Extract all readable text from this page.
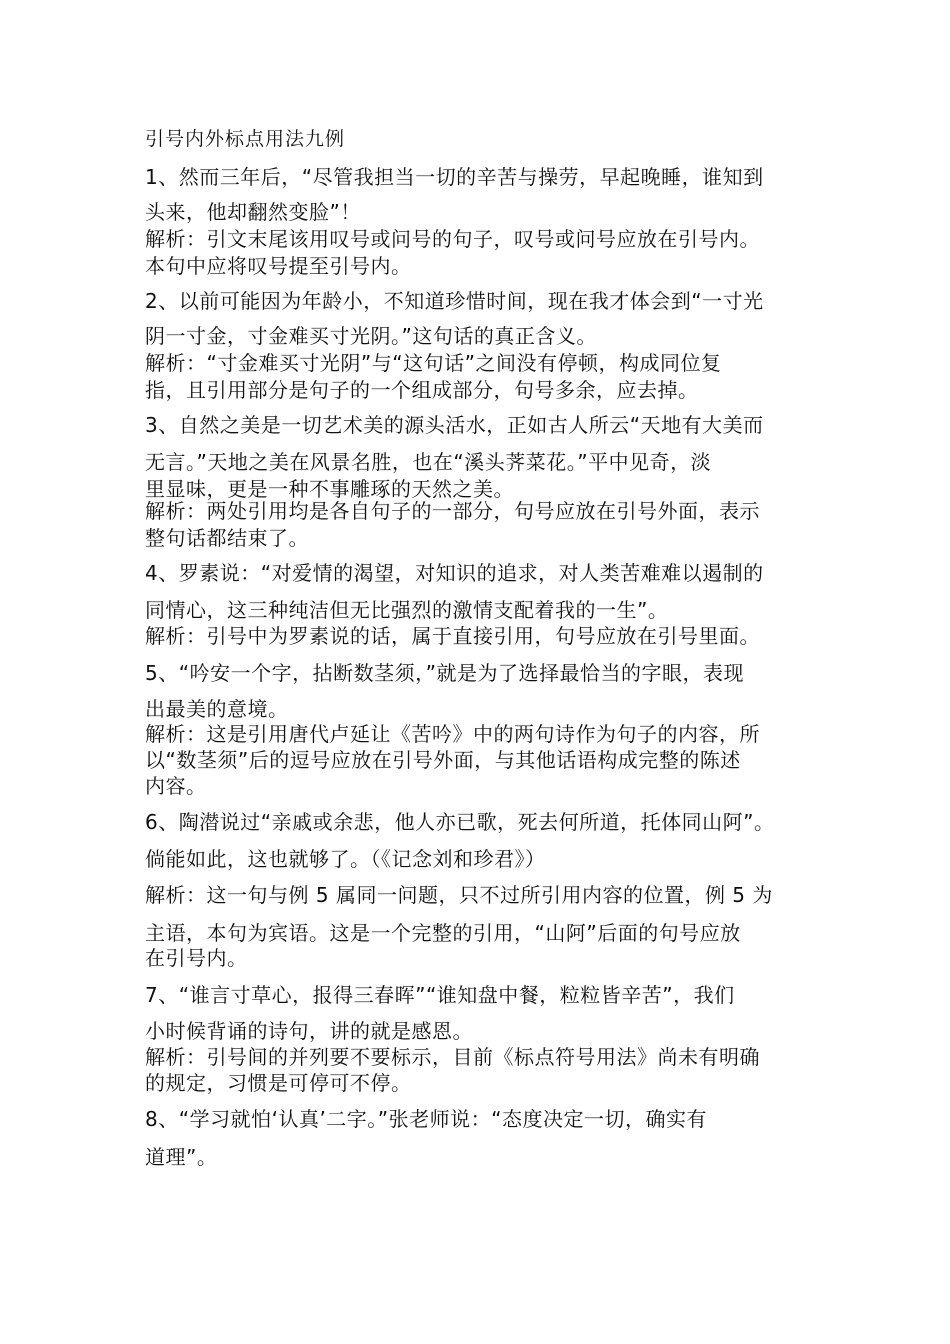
引号内外标点用法九例
1、然而三年后，“尽管我担当一切的辛苦与操劳，早起晚睡，谁知到
头来，他却翻然变脸”！
解析：引文末尾该用叹号或问号的句子，叹号或问号应放在引号内。
本句中应将叹号提至引号内。
2、以前可能因为年龄小，不知道珍惜时间，现在我才体会到“一寸光
阴一寸金，寸金难买寸光阴。”这句话的真正含义。
解析：“寸金难买寸光阴”与“这句话”之间没有停顿，构成同位复
指，且引用部分是句子的一个组成部分，句号多余，应去掉。
3、自然之美是一切艺术美的源头活水，正如古人所云“天地有大美而
无言。”天地之美在风景名胜，也在“溪头荠菜花。”平中见奇，淡
里显味，更是一种不事雕琢的天然之美。
解析：两处引用均是各自句子的一部分，句号应放在引号外面，表示
整句话都结束了。
4、罗素说：“对爱情的渴望，对知识的追求，对人类苦难难以遏制的
同情心，这三种纯洁但无比强烈的激情支配着我的一生”。
解析：引号中为罗素说的话，属于直接引用，句号应放在引号里面。
5、“吟安一个字，拈断数茎须，”就是为了选择最恰当的字眼，表现
出最美的意境。
解析：这是引用唐代卢延让《苦吟》中的两句诗作为句子的内容，所
以“数茎须”后的逗号应放在引号外面，与其他话语构成完整的陈述
内容。
6、陶潜说过“亲戚或余悲，他人亦已歌，死去何所道，托体同山阿”。
倘能如此，这也就够了。（《记念刘和珍君》）
解析：这一句与例 5 属同一问题，只不过所引用内容的位置，例 5 为
主语，本句为宾语。这是一个完整的引用，“山阿”后面的句号应放
在引号内。
7、“谁言寸草心，报得三春晖”“谁知盘中餐，粒粒皆辛苦”，我们
小时候背诵的诗句，讲的就是感恩。
解析：引号间的并列要不要标示，目前《标点符号用法》尚未有明确
的规定，习惯是可停可不停。
8、“学习就怕‘认真’二字。”张老师说：“态度决定一切，确实有
道理”。
